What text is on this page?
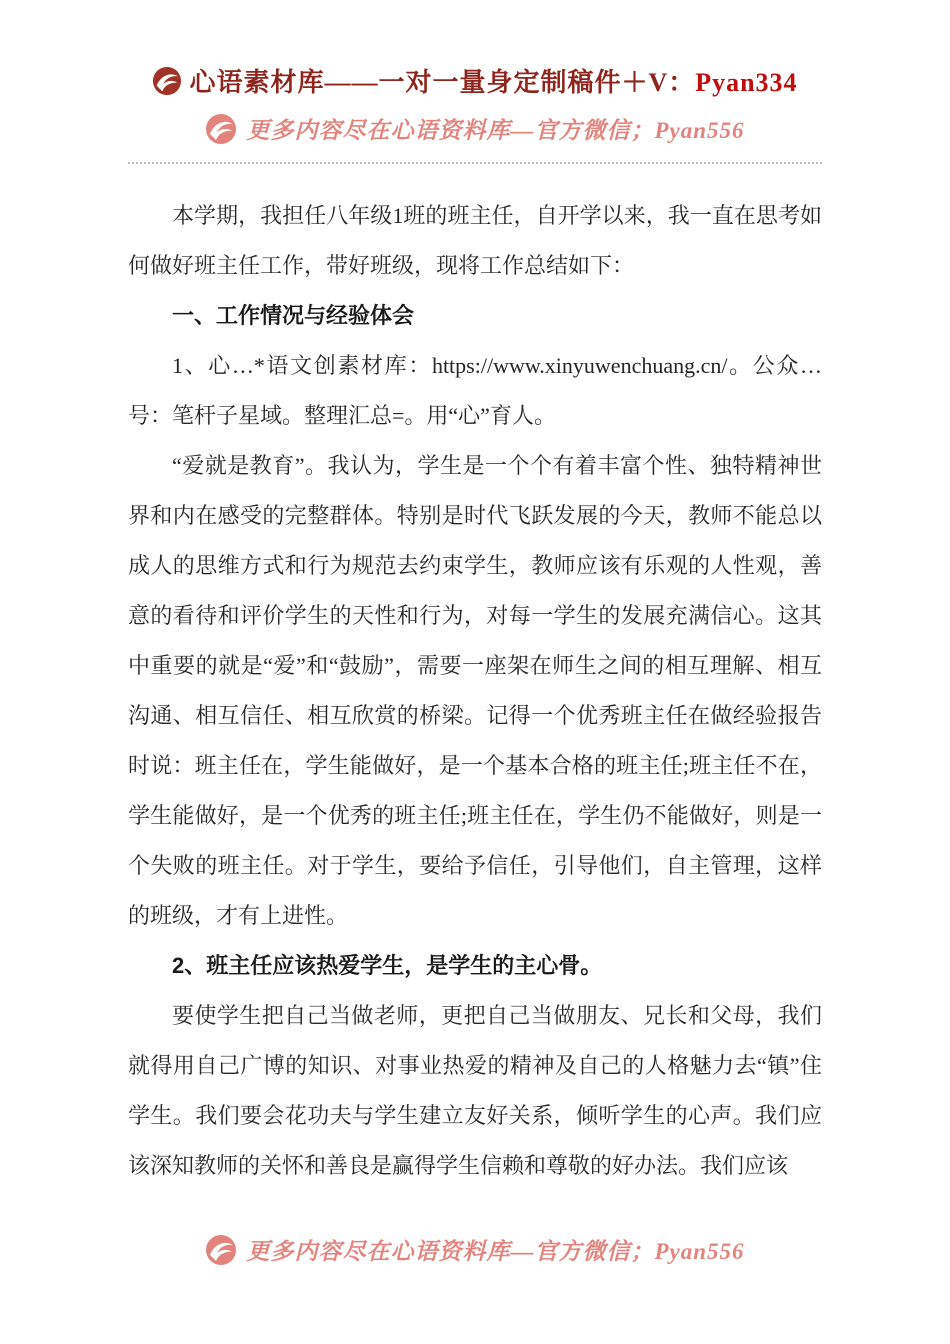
心语素材库——一对一量身定制稿件＋V：Pyan334
更多内容尽在心语资料库—官方微信；Pyan556

本学期，我担任八年级1班的班主任，自开学以来，我一直在思考如何做好班主任工作，带好班级，现将工作总结如下：

一、工作情况与经验体会

1、心…*语文创素材库：https://www.xinyuwenchuang.cn/。公众…号：笔杆子星域。整理汇总=。用“心”育人。

“爱就是教育”。我认为，学生是一个个有着丰富个性、独特精神世界和内在感受的完整群体。特别是时代飞跃发展的今天，教师不能总以成人的思维方式和行为规范去约束学生，教师应该有乐观的人性观，善意的看待和评价学生的天性和行为，对每一学生的发展充满信心。这其中重要的就是“爱”和“鼓励”，需要一座架在师生之间的相互理解、相互沟通、相互信任、相互欣赏的桥梁。记得一个优秀班主任在做经验报告时说：班主任在，学生能做好，是一个基本合格的班主任;班主任不在，学生能做好，是一个优秀的班主任;班主任在，学生仍不能做好，则是一个失败的班主任。对于学生，要给予信任，引导他们，自主管理，这样的班级，才有上进性。

2、班主任应该热爱学生，是学生的主心骨。

要使学生把自己当做老师，更把自己当做朋友、兄长和父母，我们就得用自己广博的知识、对事业热爱的精神及自己的人格魅力去“镇”住学生。我们要会花功夫与学生建立友好关系，倾听学生的心声。我们应该深知教师的关怀和善良是赢得学生信赖和尊敬的好办法。我们应该

更多内容尽在心语资料库—官方微信；Pyan556
